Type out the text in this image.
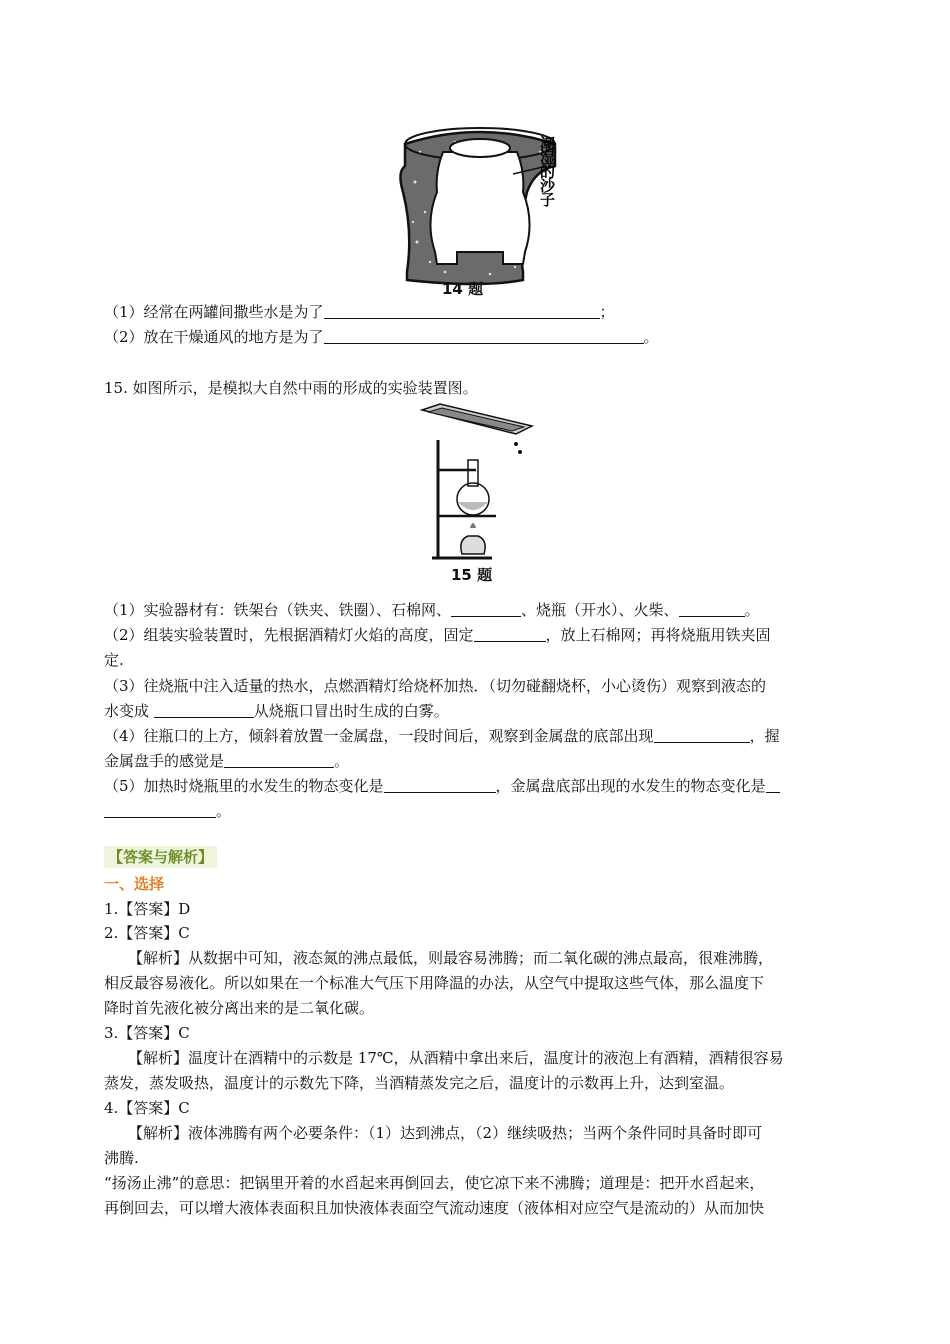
潮湿的沙子
14 题
（1）经常在两罐间撒些水是为了	；
（2）放在干燥通风的地方是为了	。
15. 如图所示，是模拟大自然中雨的形成的实验装置图。
15 题
（1）实验器材有：铁架台（铁夹、铁圈）、石棉网、	、烧瓶（开水）、火柴、	。
（2）组装实验装置时，先根据酒精灯火焰的高度，固定	，放上石棉网；再将烧瓶用铁夹固
定.
（3）往烧瓶中注入适量的热水，点燃酒精灯给烧杯加热．（切勿碰翻烧杯，小心烫伤）观察到液态的
水变成	从烧瓶口冒出时生成的白雾。
（4）往瓶口的上方，倾斜着放置一金属盘，一段时间后，观察到金属盘的底部出现	，握
金属盘手的感觉是	。
（5）加热时烧瓶里的水发生的物态变化是	，金属盘底部出现的水发生的物态变化是
。
【答案与解析】
一、选择
1.【答案】D
2.【答案】C
【解析】从数据中可知，液态氮的沸点最低，则最容易沸腾；而二氧化碳的沸点最高，很难沸腾，
相反最容易液化。所以如果在一个标准大气压下用降温的办法，从空气中提取这些气体，那么温度下
降时首先液化被分离出来的是二氧化碳。
3.【答案】C
【解析】温度计在酒精中的示数是 17℃，从酒精中拿出来后，温度计的液泡上有酒精，酒精很容易
蒸发，蒸发吸热，温度计的示数先下降，当酒精蒸发完之后，温度计的示数再上升，达到室温。
4.【答案】C
【解析】液体沸腾有两个必要条件：（1）达到沸点，（2）继续吸热；当两个条件同时具备时即可
沸腾.
“扬汤止沸”的意思：把锅里开着的水舀起来再倒回去，使它凉下来不沸腾；道理是：把开水舀起来，
再倒回去，可以增大液体表面积且加快液体表面空气流动速度（液体相对应空气是流动的）从而加快
